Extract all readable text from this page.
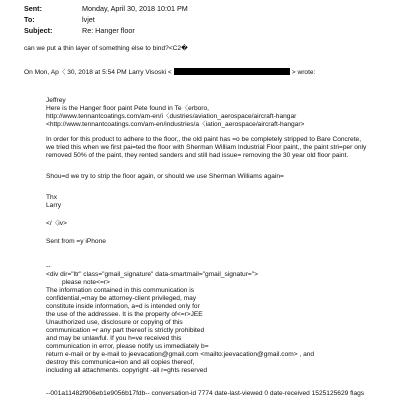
Sent:	Monday, April 30, 2018 10:01 PM
To:	lvjet
Subject:	Re: Hanger floor
can we put a thin layer of something else to bind?<C2�
On Mon, Ap〈 30, 2018 at 5:54 PM Larry Visoski <	> wrote:
Jeffrey
Here is the Hanger floor paint Pete found in Te〈erboro,
http://www.tennantcoatings.com/am-en/i〈dustries/aviation_aerospace/aircraft-hangar
<http://www.tennantcoatings.com/am-en/industries/a〈iation_aerospace/aircraft-hangar>
In order for this product to adhere to the floor,, the old paint has =o be completely stripped to Bare Concrete,
we tried this when we first pai=ted the floor with Sherman William Industrial Floor paint,, the paint stri=per only
removed 50% of the paint, they rented sanders and still had issue= removing the 30 year old floor paint.
Shou=d we try to strip the floor again, or should we use Sherman Williams again=
Thx
Larry
</〈iv>
Sent from =y iPhone
--
<div dir="ltr" class="gmail_signature" data-smartmail="gmail_signatur=">
please note<=r>
The information contained in this communication is
confidential,=may be attorney-client privileged, may
constitute inside information, a=d is intended only for
the use of the addressee. It is the property of<=r>JEE
Unauthorized use, disclosure or copying of this
communication =r any part thereof is strictly prohibited
and may be unlawful. If you h=ve received this
communication in error, please notify us immediately b=
return e-mail or by e-mail to jeevacation@gmail.com <mailto:jeevacation@gmail.com> , and
destroy this communica=ion and all copies thereof,
including all attachments. copyright -all r=ghts reserved
--001a11482f906eb1e9056b17fdb-- conversation-id 7774 date-last-viewed 0 date-received 1525125629 flags
